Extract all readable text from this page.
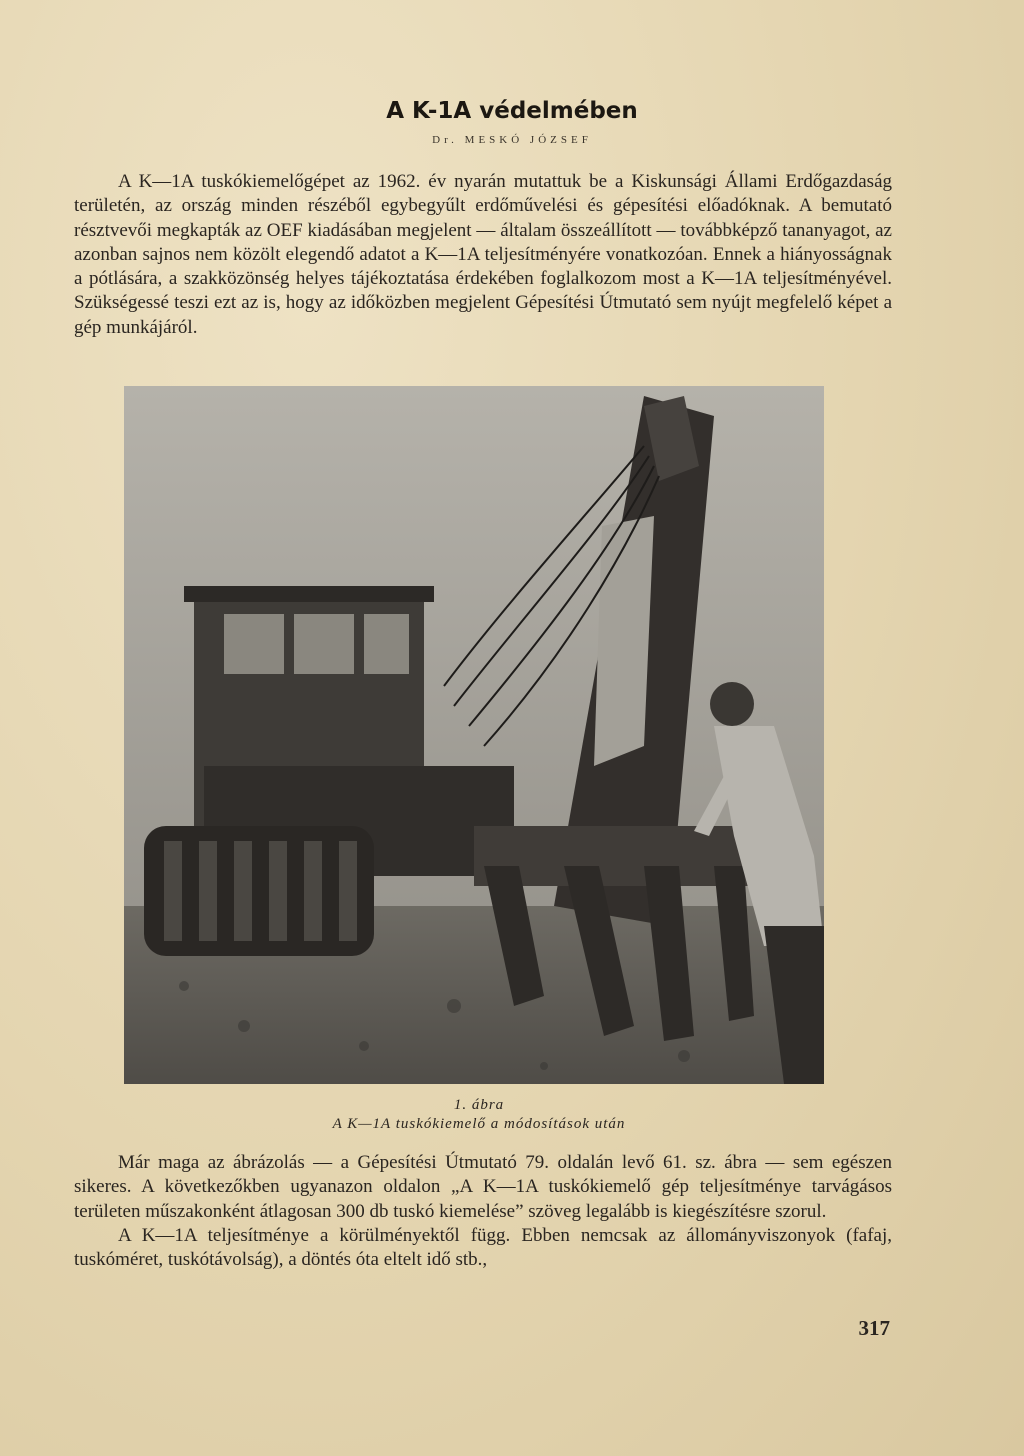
A K-1A védelmében
Dr. MESKÓ JÓZSEF

A K—1A tuskókiemelőgépet az 1962. év nyarán mutattuk be a Kiskunsági Állami Erdőgazdaság területén, az ország minden részéből egybegyűlt erdőművelési és gépesítési előadóknak. A bemutató résztvevői megkapták az OEF kiadásában megjelent — általam összeállított — továbbképző tananyagot, az azonban sajnos nem közölt elegendő adatot a K—1A teljesítményére vonatkozóan. Ennek a hiányosságnak a pótlására, a szakközönség helyes tájékoztatása érdekében foglalkozom most a K—1A teljesítményével. Szükségessé teszi ezt az is, hogy az időközben megjelent Gépesítési Útmutató sem nyújt megfelelő képet a gép munkájáról.

1. ábra
A K—1A tuskókiemelő a módosítások után

Már maga az ábrázolás — a Gépesítési Útmutató 79. oldalán levő 61. sz. ábra — sem egészen sikeres. A következőkben ugyanazon oldalon „A K—1A tuskókiemelő gép teljesítménye tarvágásos területen műszakonként átlagosan 300 db tuskó kiemelése” szöveg legalább is kiegészítésre szorul.

A K—1A teljesítménye a körülményektől függ. Ebben nemcsak az állományviszonyok (fafaj, tuskóméret, tuskótávolság), a döntés óta eltelt idő stb.,

317
